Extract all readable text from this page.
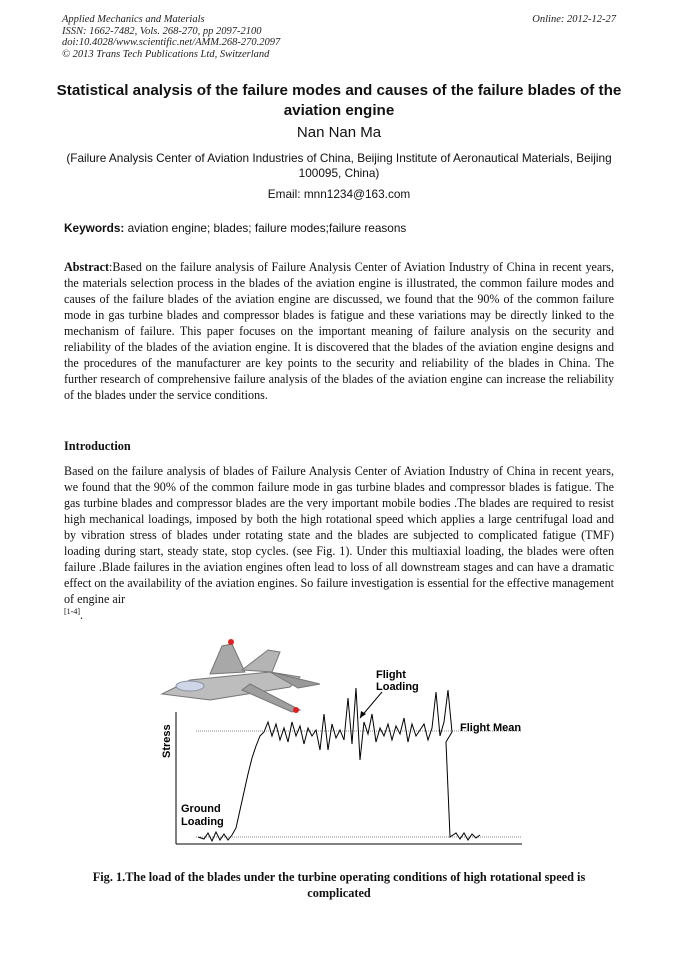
Applied Mechanics and Materials
ISSN: 1662-7482, Vols. 268-270, pp 2097-2100
doi:10.4028/www.scientific.net/AMM.268-270.2097
© 2013 Trans Tech Publications Ltd, Switzerland
Online: 2012-12-27
Statistical analysis of the failure modes and causes of the failure blades of the aviation engine
Nan Nan Ma
(Failure Analysis Center of Aviation Industries of China, Beijing Institute of Aeronautical Materials, Beijing 100095, China)
Email: mnn1234@163.com
Keywords: aviation engine; blades; failure modes;failure reasons
Abstract:Based on the failure analysis of Failure Analysis Center of Aviation Industry of China in recent years, the materials selection process in the blades of the aviation engine is illustrated, the common failure modes and causes of the failure blades of the aviation engine are discussed, we found that the 90% of the common failure mode in gas turbine blades and compressor blades is fatigue and these variations may be directly linked to the mechanism of failure. This paper focuses on the important meaning of failure analysis on the security and reliability of the blades of the aviation engine. It is discovered that the blades of the aviation engine designs and the procedures of the manufacturer are key points to the security and reliability of the blades in China. The further research of comprehensive failure analysis of the blades of the aviation engine can increase the reliability of the blades under the service conditions.
Introduction
Based on the failure analysis of blades of Failure Analysis Center of Aviation Industry of China in recent years, we found that the 90% of the common failure mode in gas turbine blades and compressor blades is fatigue. The gas turbine blades and compressor blades are the very important mobile bodies .The blades are required to resist high mechanical loadings, imposed by both the high rotational speed which applies a large centrifugal load and by vibration stress of blades under rotating state and the blades are subjected to complicated fatigue (TMF) loading during start, steady state, stop cycles. (see Fig. 1). Under this multiaxial loading, the blades were often failure .Blade failures in the aviation engines often lead to loss of all downstream stages and can have a dramatic effect on the availability of the aviation engines. So failure investigation is essential for the effective management of engine air
[1-4].
Stress
Flight
Loading
Flight Mean
Ground
Loading
Fig. 1.The load of the blades under the turbine operating conditions of high rotational speed is complicated
